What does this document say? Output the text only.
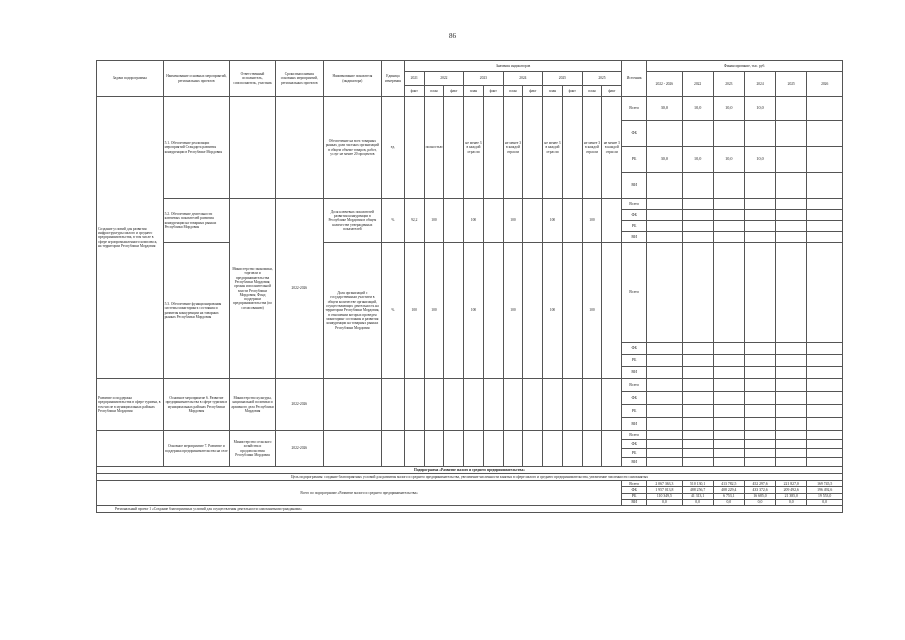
86
Задачи подпрограммы	Наименование основных мероприятий, региональных проектов	Ответственный исполнитель, соисполнитель, участник	Сроки выполнения основных мероприятий, региональных проектов	Наименование показателя (индикатора)	Единица измерения	Значения индикаторов											Источник	Финансирование, тыс. руб.					
						2021	2022		2023		2024		2025		2025			2022 - 2026	2022	2023	2024	2025	2026
						факт	план	факт	план	факт	план	факт	план	факт	план	факт							
Создание условий для развития инфраструктуры малого и среднего предпринимательства, в том числе в сфере агропромышленного комплекса, на территории Республики Мордовия	5.1. Обеспечение реализации мероприятий Стандарта развития конкуренции в Республике Мордовия			Обеспечение на всех товарных рынках доли частных организаций в общем объеме товаров, работ, услуг не менее 20 процентов	ед.		полностью		не менее 3 в каждой отрасли		не менее 3 в каждой отрасли		не менее 3 в каждой отрасли		не менее 3 в каждой отрасли	не менее 3 в каждой отрасли	Всего	30,0	10,0	10,0	10,0		
																	ФБ						
																	РБ	30,0	10,0	10,0	10,0		
																	ВИ						
	5.2. Обеспечение деятельности ключевых показателей развития конкуренции на товарных рынках Республики Мордовия	Министерство экономики, торговли и предпринимательства Республики Мордовия; органы исполнительной власти Республики Мордовия; Фонд поддержки предпринимательства (по согласованию)	2022-2026	Доля ключевых показателей развития конкуренции в Республике Мордовия в общем количестве утвержденных показателей	%	92,2	100		100		100		100		100		Всего						
																	ФБ						
																	РБ						
																	ВИ						
	5.3. Обеспечение функционирования системы мониторинга состояния и развития конкуренции на товарных рынках Республики Мордовия			Доля организаций с государственным участием в общем количестве организаций, осуществляющих деятельность на территории Республики Мордовия, в отношении которых проведен мониторинг состояния и развития конкуренции на товарных рынках Республики Мордовия	%	100	100		100		100		100		100		Всего						
																	ФБ						
																	РБ						
																	ВИ						
Развитие и поддержка предпринимательства в сфере туризма, в том числе в муниципальных районах Республики Мордовия	Основное мероприятие 6. Развитие предпринимательства в сфере туризма в муниципальных районах Республики Мордовия	Министерство культуры, национальной политики и архивного дела Республики Мордовия	2022-2026														Всего						
																	ФБ						
																	РБ						
																	ВИ						
	Основное мероприятие 7. Развитие и поддержка предпринимательства на селе	Министерство сельского хозяйства и продовольствия Республики Мордовия	2022-2026														Всего						
																	ФБ						
																	РБ						
																	ВИ						
Подпрограмма «Развитие малого и среднего предпринимательства»																							
Цель подпрограммы: создание благоприятных условий для развития малого и среднего предпринимательства, увеличение численности занятых в сфере малого и среднего предпринимательства, увеличение численности самозанятых																							
Всего по подпрограмме «Развитие малого и среднего предпринимательства»																	Всего	2 067 363,3	510 130,1	413 782,5	452 297,6	221 827,0	169 745,5
																	ФБ	1 957 013,8	488 256,7	408 229,4	433 372,6	209 492,6	196 492,6
																	РБ	110 349,5	41 313,1	6 753,1	16 685,0	21 385,0	19 553,0
																	ВИ	0,0	0,0	0,0	0,0	0,0	0,0
Региональный проект 1 «Создание благоприятных условий для осуществления деятельности самозанятыми гражданами»																							
